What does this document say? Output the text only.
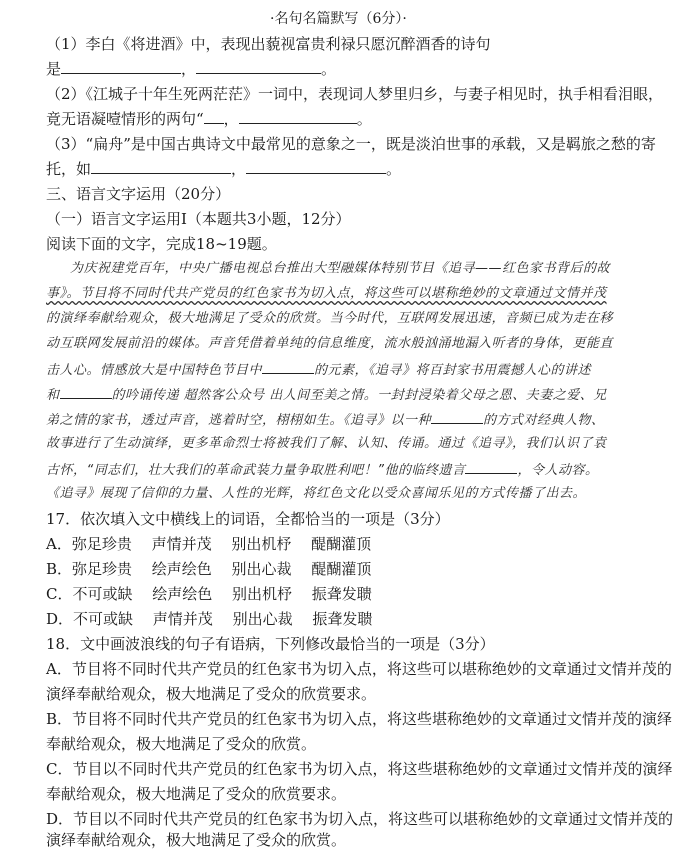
·名句名篇默写（6分）·
（1）李白《将进酒》中，表现出藐视富贵利禄只愿沉醉酒香的诗句
是	，	。
（2）《江城子十年生死两茫茫》一词中，表现词人梦里归乡，与妻子相见时，执手相看泪眼，
竟无语凝噎情形的两句“ ，	。
（3）“扁舟”是中国古典诗文中最常见的意象之一，既是淡泊世事的承载，又是羁旅之愁的寄
托，如	，	。
三、语言文字运用（20分）
（一）语言文字运用Ⅰ（本题共3小题，12分）
阅读下面的文字，完成18~19题。
为庆祝建党百年，中央广播电视总台推出大型融媒体特别节目《追寻——红色家书背后的故
事》。节目将不同时代共产党员的红色家书为切入点，将这些可以堪称绝妙的文章通过文情并茂
的演绎奉献给观众，极大地满足了受众的欣赏。当今时代，互联网发展迅速，音频已成为走在移
动互联网发展前沿的媒体。声音凭借着单纯的信息维度，流水般汹涌地漏入听者的身体，更能直
击人心。情感放大是中国特色节目中	的元素，《追寻》将百封家书用震撼人心的讲述
和	的吟诵传递 超然客公众号 出人间至美之情。一封封浸染着父母之恩、夫妻之爱、兄
弟之情的家书，透过声音，逃着时空，栩栩如生。《追寻》以一种	的方式对经典人物、
故事进行了生动演绎，更多革命烈士将被我们了解、认知、传诵。通过《追寻》，我们认识了袁
古怀，“同志们，壮大我们的革命武装力量争取胜利吧！”他的临终遗言	，令人动容。
《追寻》展现了信仰的力量、人性的光辉，将红色文化以受众喜闻乐见的方式传播了出去。
17．依次填入文中横线上的词语，全都恰当的一项是（3分）
A．弥足珍贵　 声情并茂　 别出机杼　 醍醐灌顶
B．弥足珍贵　 绘声绘色　 别出心裁　 醍醐灌顶
C．不可或缺　 绘声绘色　 别出机杼　 振聋发聩
D．不可或缺　 声情并茂　 别出心裁　 振聋发聩
18．文中画波浪线的句子有语病，下列修改最恰当的一项是（3分）
A．节目将不同时代共产党员的红色家书为切入点，将这些可以堪称绝妙的文章通过文情并茂的
演绎奉献给观众，极大地满足了受众的欣赏要求。
B．节目将不同时代共产党员的红色家书为切入点，将这些堪称绝妙的文章通过文情并茂的演绎
奉献给观众，极大地满足了受众的欣赏。
C．节目以不同时代共产党员的红色家书为切入点，将这些堪称绝妙的文章通过文情并茂的演绎
奉献给观众，极大地满足了受众的欣赏要求。
D．节目以不同时代共产党员的红色家书为切入点，将这些可以堪称绝妙的文章通过文情并茂的
演绎奉献给观众，极大地满足了受众的欣赏。
